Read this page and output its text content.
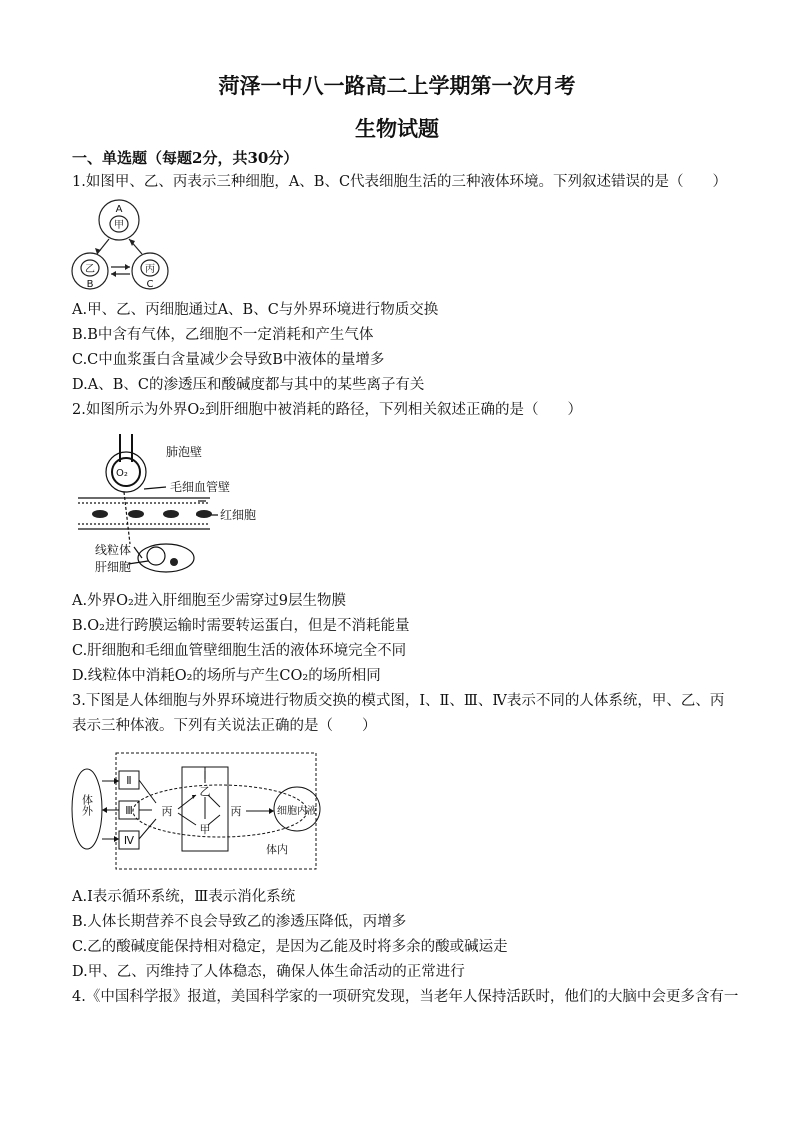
菏泽一中八一路高二上学期第一次月考
生物试题
一、单选题（每题2分，共30分）
1.如图甲、乙、丙表示三种细胞，A、B、C代表细胞生活的三种液体环境。下列叙述错误的是（　　）
A
甲
乙
B
丙
C
A.甲、乙、丙细胞通过A、B、C与外界环境进行物质交换
B.B中含有气体，乙细胞不一定消耗和产生气体
C.C中血浆蛋白含量减少会导致B中液体的量增多
D.A、B、C的渗透压和酸碱度都与其中的某些离子有关
2.如图所示为外界O₂到肝细胞中被消耗的路径，下列相关叙述正确的是（　　）
O₂
肺泡壁
毛细血管壁
红细胞
线粒体
肝细胞
A.外界O₂进入肝细胞至少需穿过9层生物膜
B.O₂进行跨膜运输时需要转运蛋白，但是不消耗能量
C.肝细胞和毛细血管壁细胞生活的液体环境完全不同
D.线粒体中消耗O₂的场所与产生CO₂的场所相同
3.下图是人体细胞与外界环境进行物质交换的模式图，Ⅰ、Ⅱ、Ⅲ、Ⅳ表示不同的人体系统，甲、乙、丙
表示三种体液。下列有关说法正确的是（　　）
体外
Ⅱ
Ⅲ
Ⅳ
Ⅰ
丙
乙
甲
丙	细胞内液
体内
A.Ⅰ表示循环系统，Ⅲ表示消化系统
B.人体长期营养不良会导致乙的渗透压降低，丙增多
C.乙的酸碱度能保持相对稳定，是因为乙能及时将多余的酸或碱运走
D.甲、乙、丙维持了人体稳态，确保人体生命活动的正常进行
4.《中国科学报》报道，美国科学家的一项研究发现，当老年人保持活跃时，他们的大脑中会更多含有一
